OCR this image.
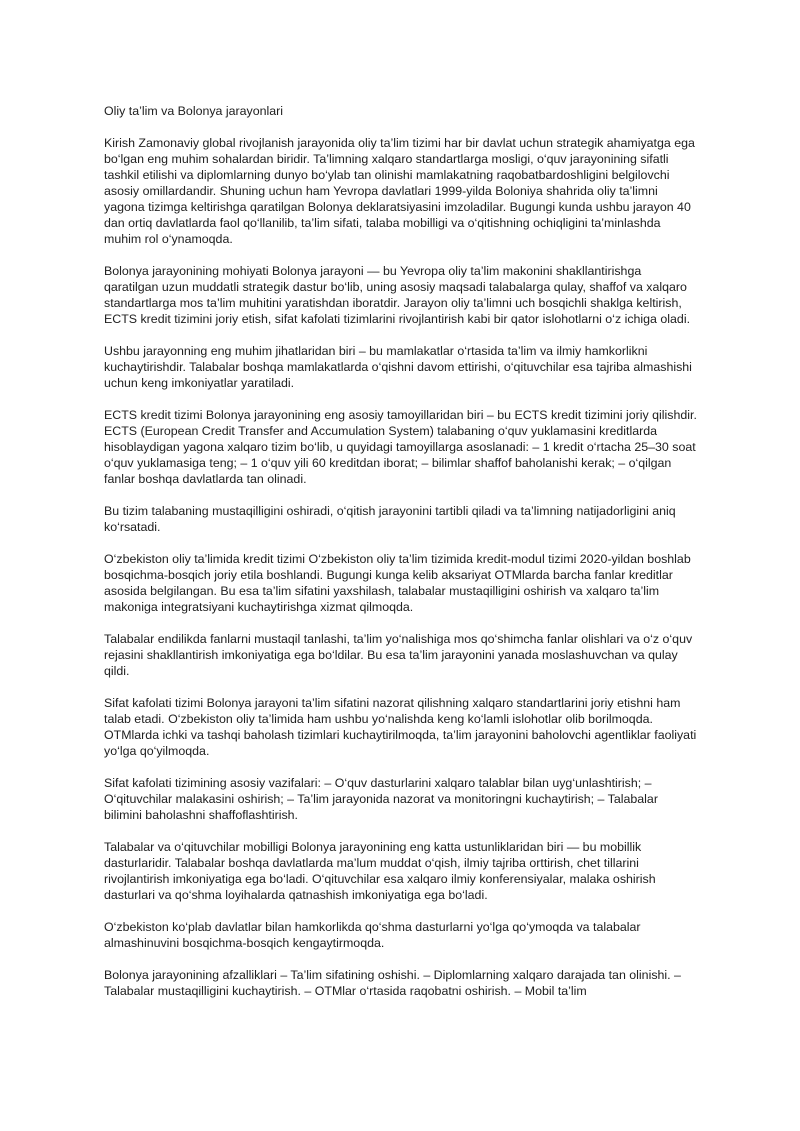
Oliy ta’lim va Bolonya jarayonlari

Kirish Zamonaviy global rivojlanish jarayonida oliy ta’lim tizimi har bir davlat uchun strategik ahamiyatga ega bo‘lgan eng muhim sohalardan biridir. Ta’limning xalqaro standartlarga mosligi, o‘quv jarayonining sifatli tashkil etilishi va diplomlarning dunyo bo‘ylab tan olinishi mamlakatning raqobatbardoshligini belgilovchi asosiy omillardandir. Shuning uchun ham Yevropa davlatlari 1999-yilda Boloniya shahrida oliy ta’limni yagona tizimga keltirishga qaratilgan Bolonya deklaratsiyasini imzoladilar. Bugungi kunda ushbu jarayon 40 dan ortiq davlatlarda faol qo‘llanilib, ta’lim sifati, talaba mobilligi va o‘qitishning ochiqligini ta’minlashda muhim rol o‘ynamoqda.

Bolonya jarayonining mohiyati Bolonya jarayoni — bu Yevropa oliy ta’lim makonini shakllantirishga qaratilgan uzun muddatli strategik dastur bo‘lib, uning asosiy maqsadi talabalarga qulay, shaffof va xalqaro standartlarga mos ta’lim muhitini yaratishdan iboratdir. Jarayon oliy ta’limni uch bosqichli shaklga keltirish, ECTS kredit tizimini joriy etish, sifat kafolati tizimlarini rivojlantirish kabi bir qator islohotlarni o‘z ichiga oladi.

Ushbu jarayonning eng muhim jihatlaridan biri – bu mamlakatlar o‘rtasida ta’lim va ilmiy hamkorlikni kuchaytirishdir. Talabalar boshqa mamlakatlarda o‘qishni davom ettirishi, o‘qituvchilar esa tajriba almashishi uchun keng imkoniyatlar yaratiladi.

ECTS kredit tizimi Bolonya jarayonining eng asosiy tamoyillaridan biri – bu ECTS kredit tizimini joriy qilishdir. ECTS (European Credit Transfer and Accumulation System) talabaning o‘quv yuklamasini kreditlarda hisoblaydigan yagona xalqaro tizim bo‘lib, u quyidagi tamoyillarga asoslanadi: – 1 kredit o‘rtacha 25–30 soat o‘quv yuklamasiga teng; – 1 o‘quv yili 60 kreditdan iborat; – bilimlar shaffof baholanishi kerak; – o‘qilgan fanlar boshqa davlatlarda tan olinadi.

Bu tizim talabaning mustaqilligini oshiradi, o‘qitish jarayonini tartibli qiladi va ta’limning natijadorligini aniq ko‘rsatadi.

O‘zbekiston oliy ta’limida kredit tizimi O‘zbekiston oliy ta’lim tizimida kredit-modul tizimi 2020-yildan boshlab bosqichma-bosqich joriy etila boshlandi. Bugungi kunga kelib aksariyat OTMlarda barcha fanlar kreditlar asosida belgilangan. Bu esa ta’lim sifatini yaxshilash, talabalar mustaqilligini oshirish va xalqaro ta’lim makoniga integratsiyani kuchaytirishga xizmat qilmoqda.

Talabalar endilikda fanlarni mustaqil tanlashi, ta’lim yo‘nalishiga mos qo‘shimcha fanlar olishlari va o‘z o‘quv rejasini shakllantirish imkoniyatiga ega bo‘ldilar. Bu esa ta’lim jarayonini yanada moslashuvchan va qulay qildi.

Sifat kafolati tizimi Bolonya jarayoni ta’lim sifatini nazorat qilishning xalqaro standartlarini joriy etishni ham talab etadi. O‘zbekiston oliy ta’limida ham ushbu yo‘nalishda keng ko‘lamli islohotlar olib borilmoqda. OTMlarda ichki va tashqi baholash tizimlari kuchaytirilmoqda, ta’lim jarayonini baholovchi agentliklar faoliyati yo‘lga qo‘yilmoqda.

Sifat kafolati tizimining asosiy vazifalari: – O‘quv dasturlarini xalqaro talablar bilan uyg‘unlashtirish; – O‘qituvchilar malakasini oshirish; – Ta’lim jarayonida nazorat va monitoringni kuchaytirish; – Talabalar bilimini baholashni shaffoflashtirish.

Talabalar va o‘qituvchilar mobilligi Bolonya jarayonining eng katta ustunliklaridan biri — bu mobillik dasturlaridir. Talabalar boshqa davlatlarda ma’lum muddat o‘qish, ilmiy tajriba orttirish, chet tillarini rivojlantirish imkoniyatiga ega bo‘ladi. O‘qituvchilar esa xalqaro ilmiy konferensiyalar, malaka oshirish dasturlari va qo‘shma loyihalarda qatnashish imkoniyatiga ega bo‘ladi.

O‘zbekiston ko‘plab davlatlar bilan hamkorlikda qo‘shma dasturlarni yo‘lga qo‘ymoqda va talabalar almashinuvini bosqichma-bosqich kengaytirmoqda.

Bolonya jarayonining afzalliklari – Ta’lim sifatining oshishi. – Diplomlarning xalqaro darajada tan olinishi. – Talabalar mustaqilligini kuchaytirish. – OTMlar o‘rtasida raqobatni oshirish. – Mobil ta’lim
